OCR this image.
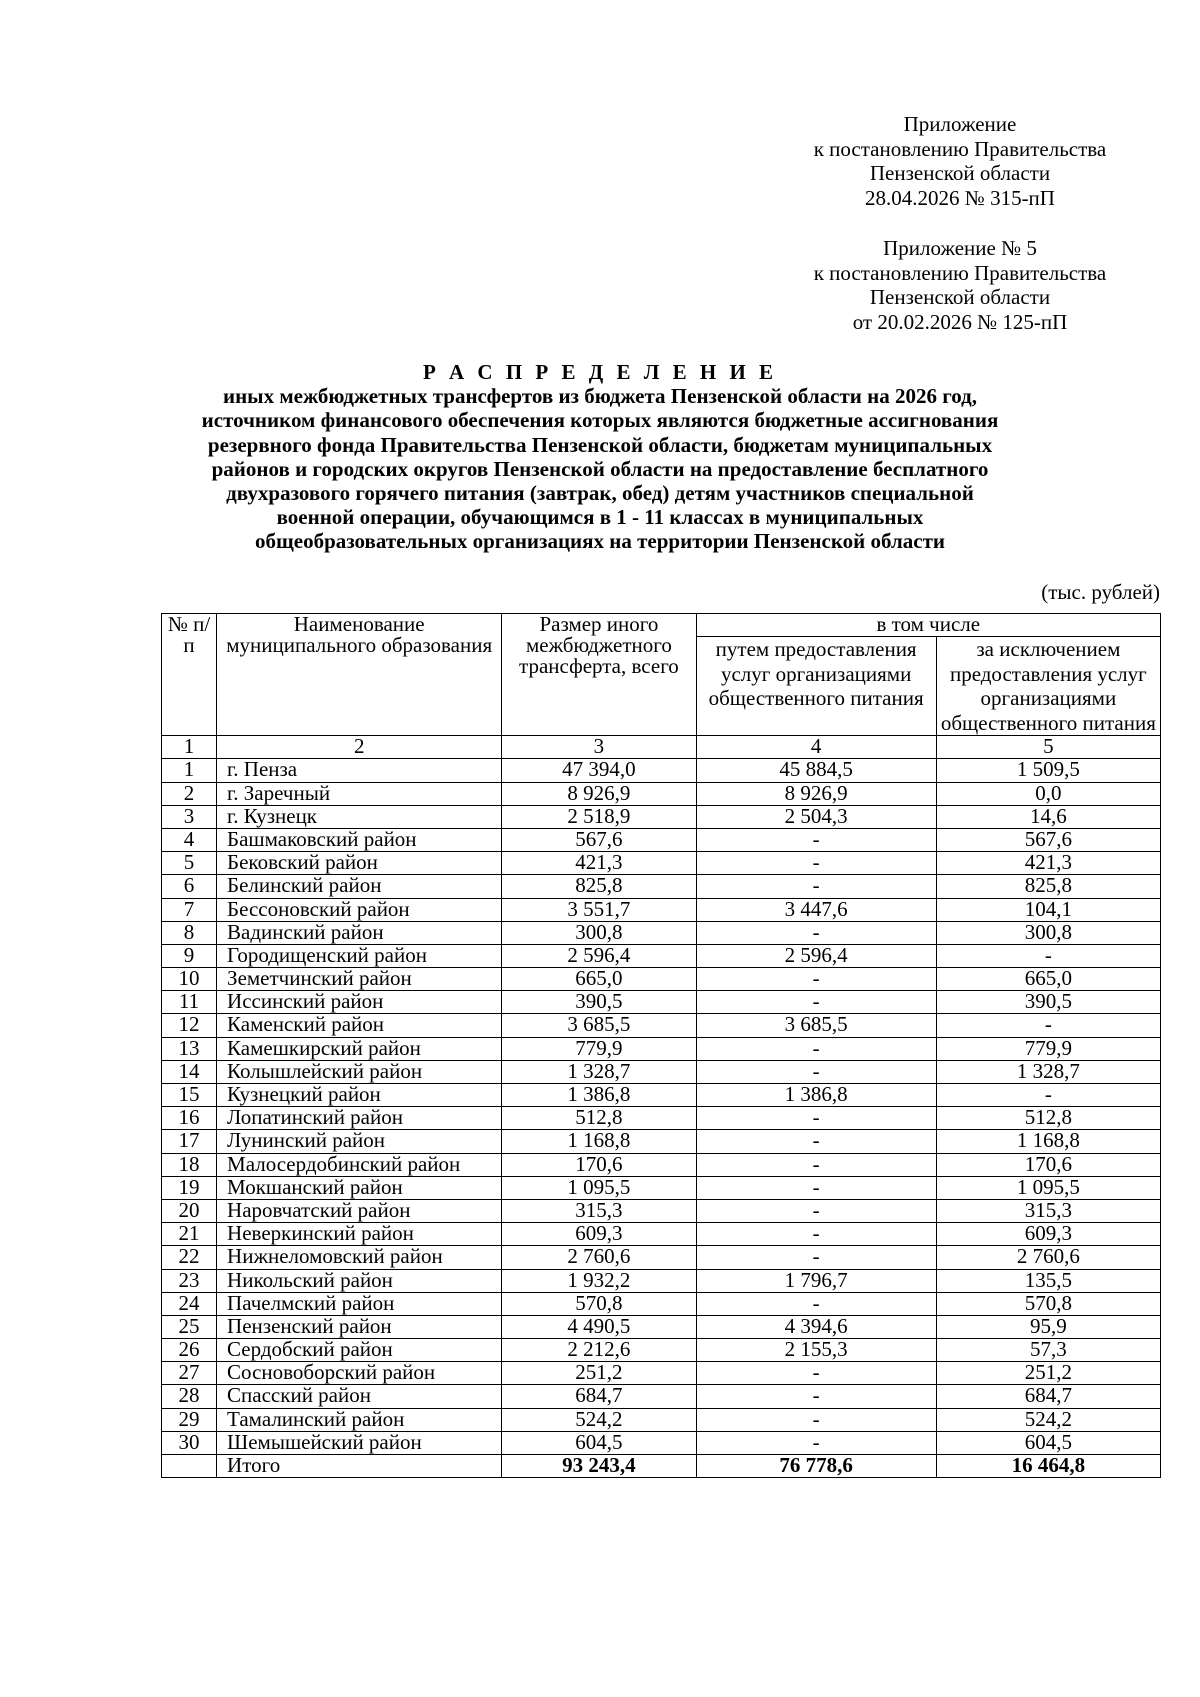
Приложение
к постановлению Правительства
Пензенской области
28.04.2026 № 315-пП
Приложение № 5
к постановлению Правительства
Пензенской области
от 20.02.2026 № 125-пП
Р А С П Р Е Д Е Л Е Н И Е
иных межбюджетных трансфертов из бюджета Пензенской области на 2026 год,
источником финансового обеспечения которых являются бюджетные ассигнования
резервного фонда Правительства Пензенской области, бюджетам муниципальных
районов и городских округов Пензенской области на предоставление бесплатного
двухразового горячего питания (завтрак, обед) детям участников специальной
военной операции, обучающимся в 1 - 11 классах в муниципальных
общеобразовательных организациях на территории Пензенской области
(тыс. рублей)
№ п/п	Наименование муниципального образования	Размер иного межбюджетного трансферта, всего	в том числе	
			путем предоставления услуг организациями общественного питания	за исключением предоставления услуг организациями общественного питания
1	2	3	4	5
1	г. Пенза	47 394,0	45 884,5	1 509,5
2	г. Заречный	8 926,9	8 926,9	0,0
3	г. Кузнецк	2 518,9	2 504,3	14,6
4	Башмаковский район	567,6	-	567,6
5	Бековский район	421,3	-	421,3
6	Белинский район	825,8	-	825,8
7	Бессоновский район	3 551,7	3 447,6	104,1
8	Вадинский район	300,8	-	300,8
9	Городищенский район	2 596,4	2 596,4	-
10	Земетчинский район	665,0	-	665,0
11	Иссинский район	390,5	-	390,5
12	Каменский район	3 685,5	3 685,5	-
13	Камешкирский район	779,9	-	779,9
14	Колышлейский район	1 328,7	-	1 328,7
15	Кузнецкий район	1 386,8	1 386,8	-
16	Лопатинский район	512,8	-	512,8
17	Лунинский район	1 168,8	-	1 168,8
18	Малосердобинский район	170,6	-	170,6
19	Мокшанский район	1 095,5	-	1 095,5
20	Наровчатский район	315,3	-	315,3
21	Неверкинский район	609,3	-	609,3
22	Нижнеломовский район	2 760,6	-	2 760,6
23	Никольский район	1 932,2	1 796,7	135,5
24	Пачелмский район	570,8	-	570,8
25	Пензенский район	4 490,5	4 394,6	95,9
26	Сердобский район	2 212,6	2 155,3	57,3
27	Сосновоборский район	251,2	-	251,2
28	Спасский район	684,7	-	684,7
29	Тамалинский район	524,2	-	524,2
30	Шемышейский район	604,5	-	604,5
	Итого	93 243,4	76 778,6	16 464,8
